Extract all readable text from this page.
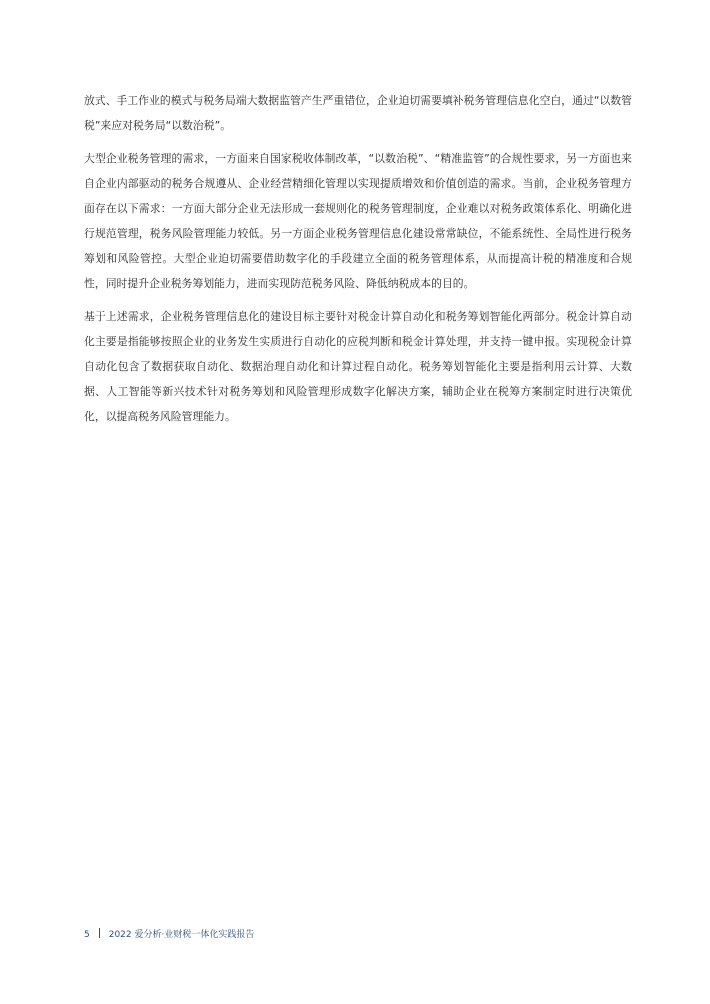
放式、手工作业的模式与税务局端大数据监管产生严重错位，企业迫切需要填补税务管理信息化空白，通过“以数管税”来应对税务局“以数治税”。

大型企业税务管理的需求，一方面来自国家税收体制改革，“以数治税”、“精准监管”的合规性要求，另一方面也来自企业内部驱动的税务合规遵从、企业经营精细化管理以实现提质增效和价值创造的需求。当前，企业税务管理方面存在以下需求：一方面大部分企业无法形成一套规则化的税务管理制度，企业难以对税务政策体系化、明确化进行规范管理，税务风险管理能力较低。另一方面企业税务管理信息化建设常常缺位，不能系统性、全局性进行税务筹划和风险管控。大型企业迫切需要借助数字化的手段建立全面的税务管理体系，从而提高计税的精准度和合规性，同时提升企业税务筹划能力，进而实现防范税务风险、降低纳税成本的目的。

基于上述需求，企业税务管理信息化的建设目标主要针对税金计算自动化和税务筹划智能化两部分。税金计算自动化主要是指能够按照企业的业务发生实质进行自动化的应税判断和税金计算处理，并支持一键申报。实现税金计算自动化包含了数据获取自动化、数据治理自动化和计算过程自动化。税务筹划智能化主要是指利用云计算、大数据、人工智能等新兴技术针对税务筹划和风险管理形成数字化解决方案，辅助企业在税筹方案制定时进行决策优化，以提高税务风险管理能力。

5 2022 爱分析·业财税一体化实践报告
